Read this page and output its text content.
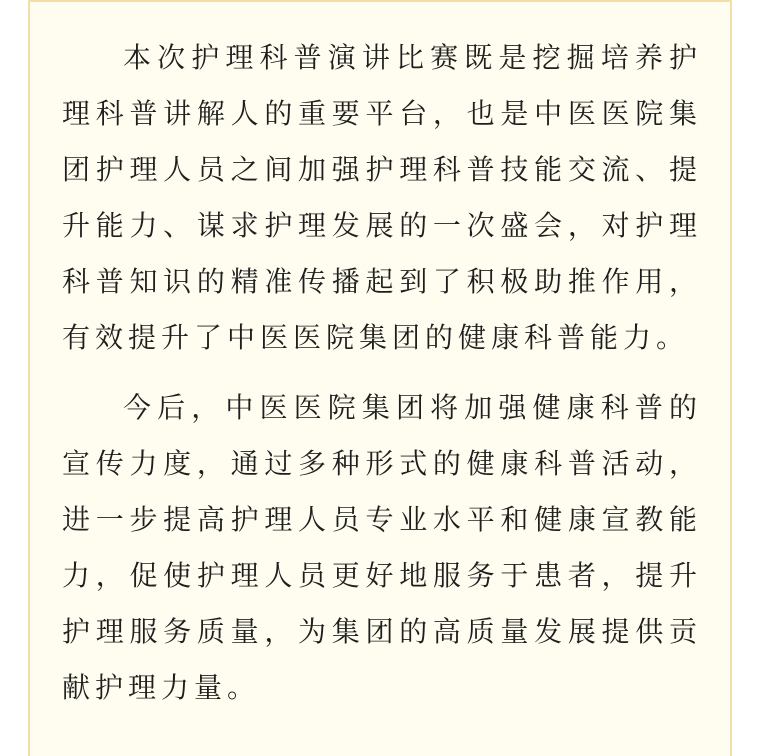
本次护理科普演讲比赛既是挖掘培养护理科普讲解人的重要平台，也是中医医院集团护理人员之间加强护理科普技能交流、提升能力、谋求护理发展的一次盛会，对护理科普知识的精准传播起到了积极助推作用，有效提升了中医医院集团的健康科普能力。

今后，中医医院集团将加强健康科普的宣传力度，通过多种形式的健康科普活动，进一步提高护理人员专业水平和健康宣教能力，促使护理人员更好地服务于患者，提升护理服务质量，为集团的高质量发展提供贡献护理力量。
